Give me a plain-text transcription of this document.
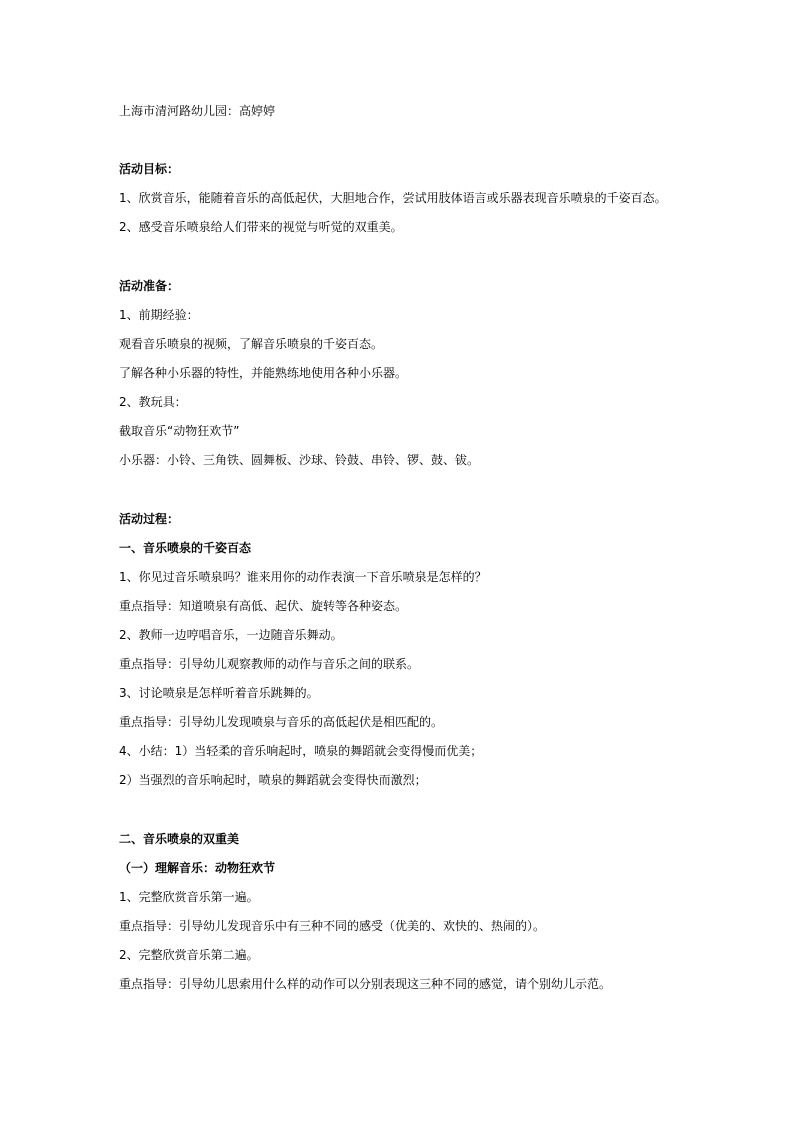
上海市清河路幼儿园：高婷婷
活动目标：
1、欣赏音乐，能随着音乐的高低起伏，大胆地合作，尝试用肢体语言或乐器表现音乐喷泉的千姿百态。
2、感受音乐喷泉给人们带来的视觉与听觉的双重美。
活动准备：
1、前期经验：
观看音乐喷泉的视频，了解音乐喷泉的千姿百态。
了解各种小乐器的特性，并能熟练地使用各种小乐器。
2、教玩具：
截取音乐“动物狂欢节”
小乐器：小铃、三角铁、圆舞板、沙球、铃鼓、串铃、锣、鼓、钹。
活动过程：
一、音乐喷泉的千姿百态
1、你见过音乐喷泉吗？谁来用你的动作表演一下音乐喷泉是怎样的？
重点指导：知道喷泉有高低、起伏、旋转等各种姿态。
2、教师一边哼唱音乐，一边随音乐舞动。
重点指导：引导幼儿观察教师的动作与音乐之间的联系。
3、讨论喷泉是怎样听着音乐跳舞的。
重点指导：引导幼儿发现喷泉与音乐的高低起伏是相匹配的。
4、小结：1）当轻柔的音乐响起时，喷泉的舞蹈就会变得慢而优美；
2）当强烈的音乐响起时，喷泉的舞蹈就会变得快而激烈；
二、音乐喷泉的双重美
（一）理解音乐：动物狂欢节
1、完整欣赏音乐第一遍。
重点指导：引导幼儿发现音乐中有三种不同的感受（优美的、欢快的、热闹的）。
2、完整欣赏音乐第二遍。
重点指导：引导幼儿思索用什么样的动作可以分别表现这三种不同的感觉，请个别幼儿示范。
